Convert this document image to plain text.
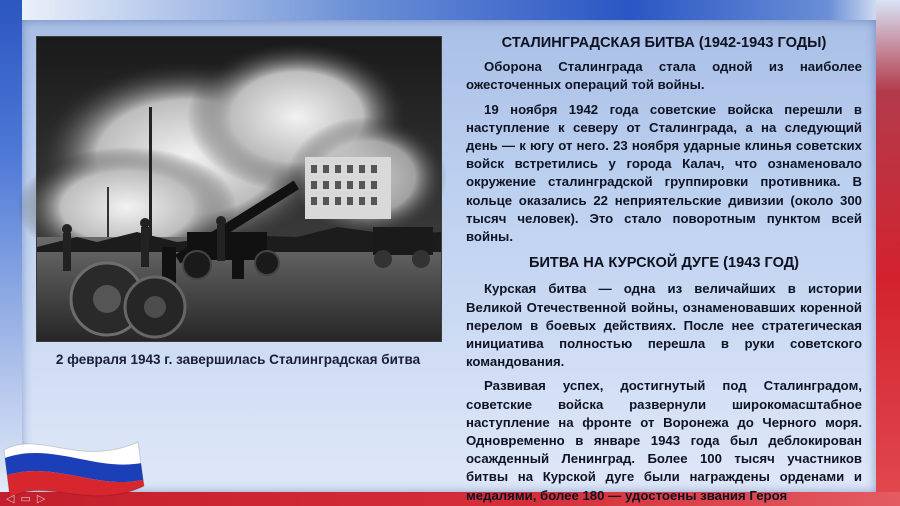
2 февраля 1943 г. завершилась Сталинградская битва
СТАЛИНГРАДСКАЯ БИТВА (1942-1943 ГОДЫ)

Оборона Сталинграда стала одной из наиболее ожесточенных операций той войны.

19 ноября 1942 года советские войска перешли в наступление к северу от Сталинграда, а на следующий день — к югу от него. 23 ноября ударные клинья советских войск встретились у города Калач, что ознаменовало окружение сталинградской группировки противника. В кольце оказались 22 неприятельские дивизии (около 300 тысяч человек). Это стало поворотным пунктом всей войны.

БИТВА НА КУРСКОЙ ДУГЕ (1943 ГОД)

Курская битва — одна из величайших в истории Великой Отечественной войны, ознаменовавших коренной перелом в боевых действиях. После нее стратегическая инициатива полностью перешла в руки советского командования.

Развивая успех, достигнутый под Сталинградом, советские войска развернули широкомасштабное наступление на фронте от Воронежа до Черного моря. Одновременно в январе 1943 года был деблокирован осажденный Ленинград. Более 100 тысяч участников битвы на Курской дуге были награждены орденами и медалями, более 180 — удостоены звания Героя

◁▭▷
